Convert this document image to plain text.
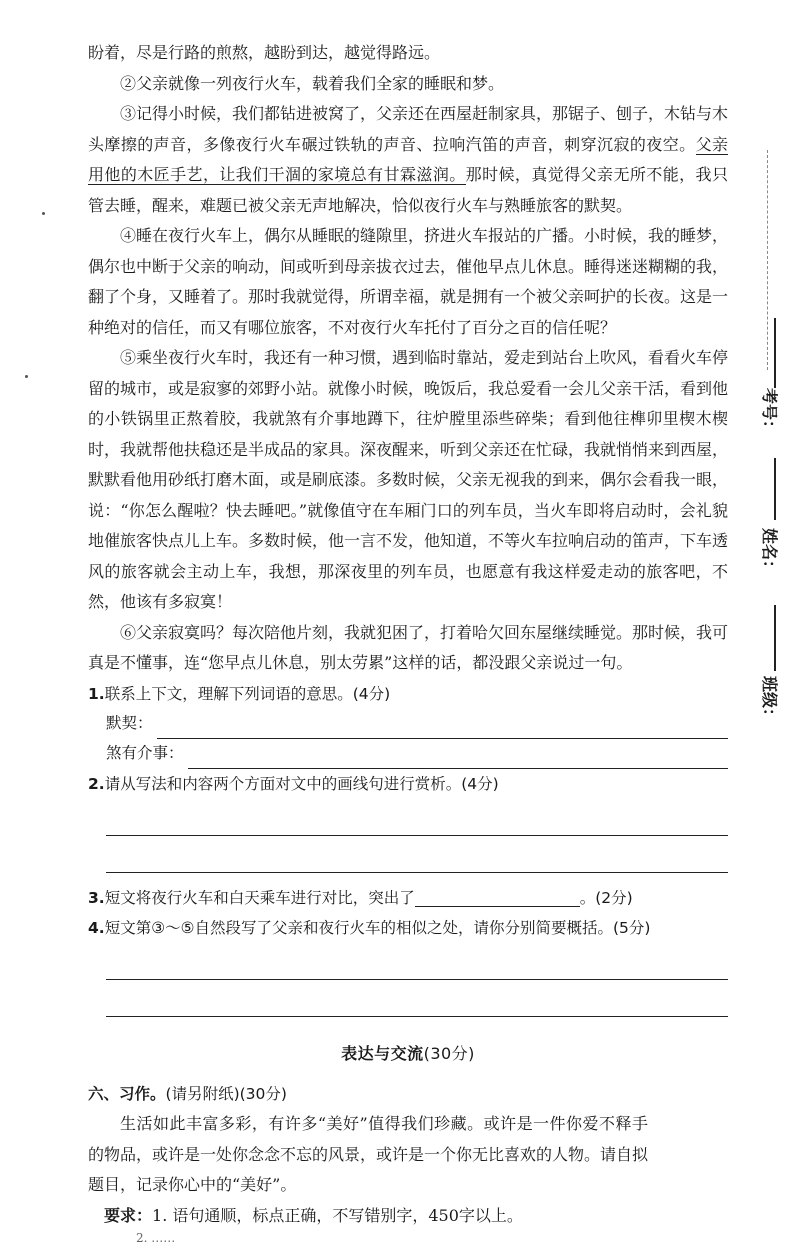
盼着，尽是行路的煎熬，越盼到达，越觉得路远。

②父亲就像一列夜行火车，载着我们全家的睡眠和梦。

③记得小时候，我们都钻进被窝了，父亲还在西屋赶制家具，那锯子、刨子，木钻与木头摩擦的声音，多像夜行火车碾过铁轨的声音、拉响汽笛的声音，刺穿沉寂的夜空。父亲用他的木匠手艺，让我们干涸的家境总有甘霖滋润。那时候，真觉得父亲无所不能，我只管去睡，醒来，难题已被父亲无声地解决，恰似夜行火车与熟睡旅客的默契。

④睡在夜行火车上，偶尔从睡眠的缝隙里，挤进火车报站的广播。小时候，我的睡梦，偶尔也中断于父亲的响动，间或听到母亲拔衣过去，催他早点儿休息。睡得迷迷糊糊的我，翻了个身，又睡着了。那时我就觉得，所谓幸福，就是拥有一个被父亲呵护的长夜。这是一种绝对的信任，而又有哪位旅客，不对夜行火车托付了百分之百的信任呢？

⑤乘坐夜行火车时，我还有一种习惯，遇到临时靠站，爱走到站台上吹风，看看火车停留的城市，或是寂寥的郊野小站。就像小时候，晚饭后，我总爱看一会儿父亲干活，看到他的小铁锅里正熬着胶，我就煞有介事地蹲下，往炉膛里添些碎柴；看到他往榫卯里楔木楔时，我就帮他扶稳还是半成品的家具。深夜醒来，听到父亲还在忙碌，我就悄悄来到西屋，默默看他用砂纸打磨木面，或是刷底漆。多数时候，父亲无视我的到来，偶尔会看我一眼，说：“你怎么醒啦？快去睡吧。”就像值守在车厢门口的列车员，当火车即将启动时，会礼貌地催旅客快点儿上车。多数时候，他一言不发，他知道，不等火车拉响启动的笛声，下车透风的旅客就会主动上车，我想，那深夜里的列车员，也愿意有我这样爱走动的旅客吧，不然，他该有多寂寞！

⑥父亲寂寞吗？每次陪他片刻，我就犯困了，打着哈欠回东屋继续睡觉。那时候，我可真是不懂事，连“您早点儿休息，别太劳累”这样的话，都没跟父亲说过一句。

1.联系上下文，理解下列词语的意思。(4分)

默契：
煞有介事：

2.请从写法和内容两个方面对文中的画线句进行赏析。(4分)

3.短文将夜行火车和白天乘车进行对比，突出了	。(2分)

4.短文第③～⑤自然段写了父亲和夜行火车的相似之处，请你分别简要概括。(5分)

表达与交流(30分)

六、习作。(请另附纸)(30分)

生活如此丰富多彩，有许多“美好”值得我们珍藏。或许是一件你爱不释手的物品，或许是一处你念念不忘的风景，或许是一个你无比喜欢的人物。请自拟题目，记录你心中的“美好”。

要求：1. 语句通顺，标点正确，不写错别字，450字以上。

2. ……

考号：
姓名：
班级：
